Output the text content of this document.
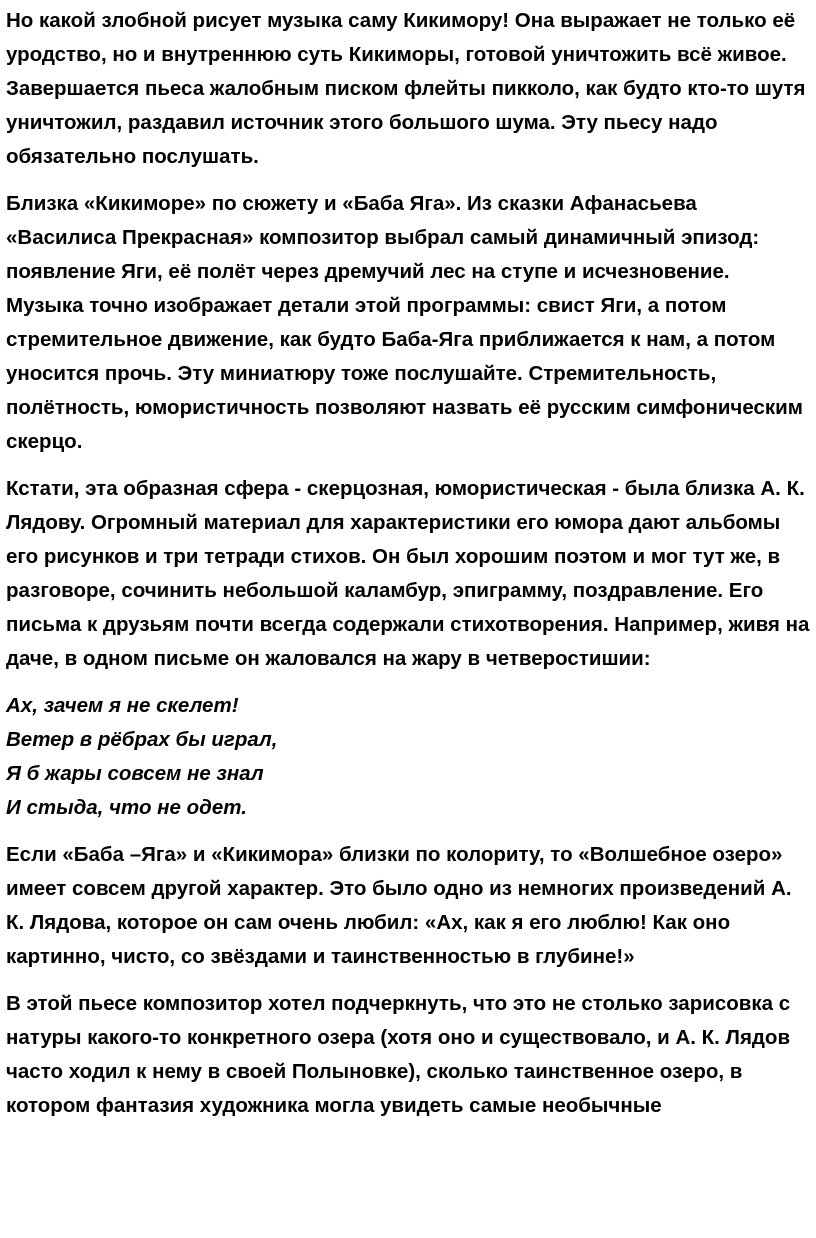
Но какой злобной рисует музыка саму Кикимору! Она выражает не только её уродство, но и внутреннюю суть Кикиморы, готовой уничтожить всё живое. Завершается пьеса жалобным писком флейты пикколо, как будто кто-то шутя уничтожил, раздавил источник этого большого шума. Эту пьесу надо обязательно послушать.

Близка «Кикиморе» по сюжету и «Баба Яга». Из сказки Афанасьева «Василиса Прекрасная» композитор выбрал самый динамичный эпизод: появление Яги, её полёт через дремучий лес на ступе и исчезновение. Музыка точно изображает детали этой программы: свист Яги, а потом стремительное движение, как будто Баба-Яга приближается к нам, а потом уносится прочь. Эту миниатюру тоже послушайте. Стремительность, полётность, юмористичность позволяют назвать её русским симфоническим скерцо.

Кстати, эта образная сфера - скерцозная, юмористическая - была близка А. К. Лядову. Огромный материал для характеристики его юмора дают альбомы его рисунков и три тетради стихов. Он был хорошим поэтом и мог тут же, в разговоре, сочинить небольшой каламбур, эпиграмму, поздравление. Его письма к друзьям почти всегда содержали стихотворения. Например, живя на даче, в одном письме он жаловался на жару в четверостишии:

Ах, зачем я не скелет!
Ветер в рёбрах бы играл,
Я б жары совсем не знал
И стыда, что не одет.

Если «Баба –Яга» и «Кикимора» близки по колориту, то «Волшебное озеро» имеет совсем другой характер. Это было одно из немногих произведений А. К. Лядова, которое он сам очень любил: «Ах, как я его люблю! Как оно картинно, чисто, со звёздами и таинственностью в глубине!»

В этой пьесе композитор хотел подчеркнуть, что это не столько зарисовка с натуры какого-то конкретного озера (хотя оно и существовало, и А. К. Лядов часто ходил к нему в своей Полыновке), сколько таинственное озеро, в котором фантазия художника могла увидеть самые необычные
